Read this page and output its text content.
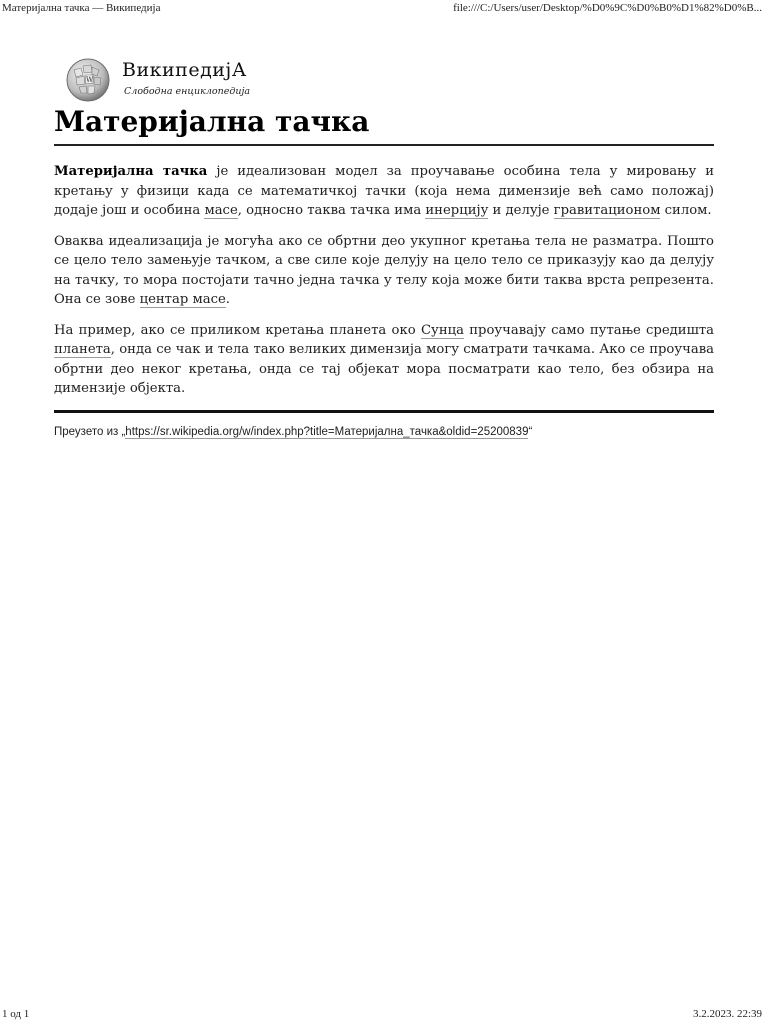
Материјална тачка — Википедија	file:///C:/Users/user/Desktop/%D0%9C%D0%B0%D1%82%D0%B...
W ВикипедијА
Слободна енциклопедија
Материјална тачка

Материјална тачка је идеализован модел за проучавање особина тела у мировању и кретању у физици када се математичкој тачки (која нема димензије већ само положај) додаје још и особина масе, односно таква тачка има инерцију и делује гравитационом силом.

Оваква идеализација је могућа ако се обртни део укупног кретања тела не разматра. Пошто се цело тело замењује тачком, а све силе које делују на цело тело се приказују као да делују на тачку, то мора постојати тачно једна тачка у телу која може бити таква врста репрезента. Она се зове центар масе.

На пример, ако се приликом кретања планета око Сунца проучавају само путање средишта планета, онда се чак и тела тако великих димензија могу сматрати тачкама. Ако се проучава обртни део неког кретања, онда се тај објекат мора посматрати као тело, без обзира на димензије објекта.

Преузето из „https://sr.wikipedia.org/w/index.php?title=Материјална_тачка&oldid=25200839“
1 од 1	3.2.2023. 22:39
